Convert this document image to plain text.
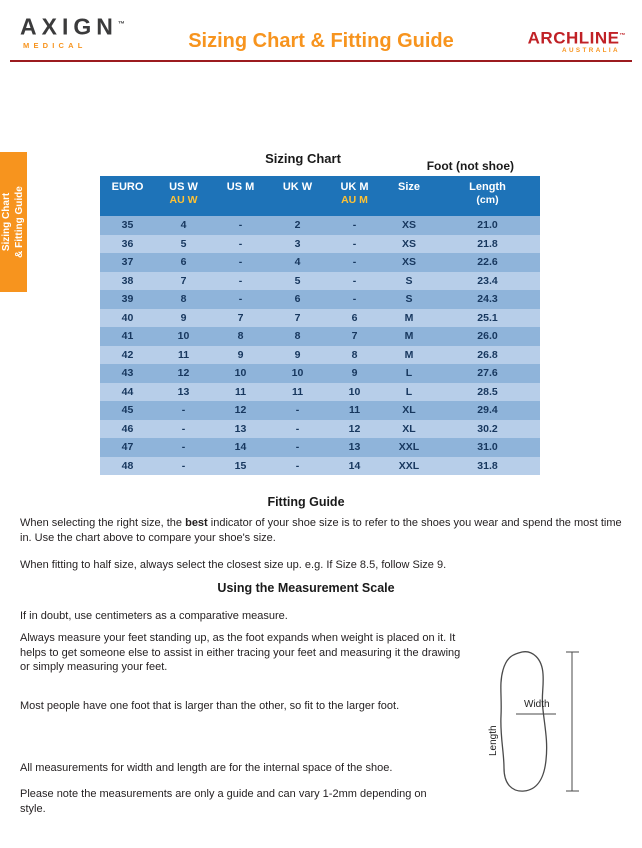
AXIGN™
MEDICAL	Sizing Chart & Fitting Guide	ARCHLINE™
AUSTRALIA
Sizing Chart & Fitting Guide
Sizing Chart	Foot (not shoe)
EURO US W
AU W
US M	UK W	UK M
AU M
Size	Length
(cm)
35	4	-	2	-	XS	21.0
36	5	-	3	-	XS	21.8
37	6	-	4	-	XS	22.6
38	7	-	5	-	S	23.4
39	8	-	6	-	S	24.3
40	9	7	7	6	M	25.1
41	10	8	8	7	M	26.0
42	11	9	9	8	M	26.8
43	12	10	10	9	L	27.6
44	13	11	11	10	L	28.5
45	-	12	-	11	XL	29.4
46	-	13	-	12	XL	30.2
47	-	14	-	13	XXL	31.0
48	-	15	-	14	XXL	31.8
Fitting Guide
When selecting the right size, the best indicator of your shoe size is to refer to the shoes you wear and spend the most time in. Use the chart above to compare your shoe's size.
When fitting to half size, always select the closest size up. e.g. If Size 8.5, follow Size 9.
Using the Measurement Scale
If in doubt, use centimeters as a comparative measure.
Always measure your feet standing up, as the foot expands when weight is placed on it. It helps to get someone else to assist in either tracing your feet and measuring it the drawing or simply measuring your feet.
Most people have one foot that is larger than the other, so fit to the larger foot.
All measurements for width and length are for the internal space of the shoe.
Please note the measurements are only a guide and can vary 1-2mm depending on style.
Width
Length
